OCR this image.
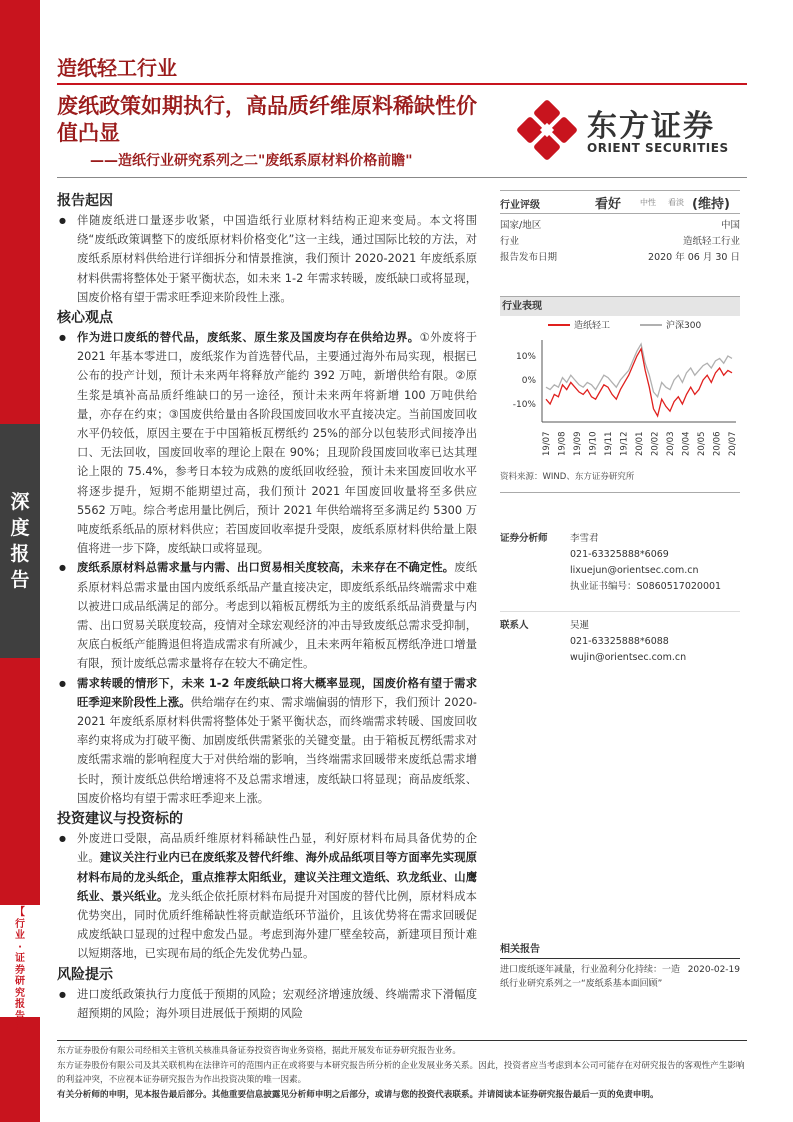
深
度
报
告
【
行
业
·
证
券
研
究
报
告
】
造纸轻工行业
废纸政策如期执行，高品质纤维原料稀缺性价值凸显
——造纸行业研究系列之二"废纸系原材料价格前瞻"
东方证券
ORIENT SECURITIES
报告起因
● 伴随废纸进口量逐步收紧，中国造纸行业原材料结构正迎来变局。本文将围绕“废纸政策调整下的废纸原材料价格变化”这一主线，通过国际比较的方法，对废纸系原材料供给进行详细拆分和情景推演，我们预计 2020-2021 年废纸系原材料供需将整体处于紧平衡状态，如未来 1-2 年需求转暖，废纸缺口或将显现，国废价格有望于需求旺季迎来阶段性上涨。
核心观点
● 作为进口废纸的替代品，废纸浆、原生浆及国废均存在供给边界。①外废将于 2021 年基本零进口，废纸浆作为首选替代品，主要通过海外布局实现，根据已公布的投产计划，预计未来两年将释放产能约 392 万吨，新增供给有限。②原生浆是填补高品质纤维缺口的另一途径，预计未来两年将新增 100 万吨供给量，亦存在约束；③国废供给量由各阶段国废回收水平直接决定。当前国废回收水平仍较低，原因主要在于中国箱板瓦楞纸约 25%的部分以包装形式间接净出口、无法回收，国废回收率的理论上限在 90%；且现阶段国废回收率已达其理论上限的 75.4%，参考日本较为成熟的废纸回收经验，预计未来国废回收水平将逐步提升，短期不能期望过高，我们预计 2021 年国废回收量将至多供应 5562 万吨。综合考虑用量比例后，预计 2021 年供给端将至多满足约 5300 万吨废纸系纸品的原材料供应；若国废回收率提升受限，废纸系原材料供给量上限值将进一步下降，废纸缺口或将显现。
● 废纸系原材料总需求量与内需、出口贸易相关度较高，未来存在不确定性。废纸系原材料总需求量由国内废纸系纸品产量直接决定，即废纸系纸品终端需求中难以被进口成品纸满足的部分。考虑到以箱板瓦楞纸为主的废纸系纸品消费量与内需、出口贸易关联度较高，疫情对全球宏观经济的冲击导致废纸总需求受抑制，灰底白板纸产能腾退但将造成需求有所减少，且未来两年箱板瓦楞纸净进口增量有限，预计废纸总需求量将存在较大不确定性。
● 需求转暖的情形下，未来 1-2 年废纸缺口将大概率显现，国废价格有望于需求旺季迎来阶段性上涨。供给端存在约束、需求端偏弱的情形下，我们预计 2020-2021 年废纸系原材料供需将整体处于紧平衡状态，而终端需求转暖、国废回收率约束将成为打破平衡、加剧废纸供需紧张的关键变量。由于箱板瓦楞纸需求对废纸需求端的影响程度大于对供给端的影响，当终端需求回暖带来废纸总需求增长时，预计废纸总供给增速将不及总需求增速，废纸缺口将显现；商品废纸浆、国废价格均有望于需求旺季迎来上涨。
投资建议与投资标的
● 外废进口受限，高品质纤维原材料稀缺性凸显，利好原材料布局具备优势的企业。建议关注行业内已在废纸浆及替代纤维、海外成品纸项目等方面率先实现原材料布局的龙头纸企，重点推荐太阳纸业，建议关注理文造纸、玖龙纸业、山鹰纸业、景兴纸业。龙头纸企依托原材料布局提升对国废的替代比例，原材料成本优势突出，同时优质纤维稀缺性将贡献造纸环节溢价，且该优势将在需求回暖促成废纸缺口显现的过程中愈发凸显。考虑到海外建厂壁垒较高，新建项目预计难以短期落地，已实现布局的纸企先发优势凸显。
风险提示
● 进口废纸政策执行力度低于预期的风险；宏观经济增速放缓、终端需求下滑幅度超预期的风险；海外项目进展低于预期的风险
行业评级	看好 中性 看淡 (维持)
国家/地区	中国
行业	造纸轻工行业
报告发布日期	2020 年 06 月 30 日
行业表现
造纸轻工	沪深300
10%
0%
-10%
19/07 19/08 19/09 19/10 19/11 19/12 20/01 20/02 20/03 20/04 20/05 20/06 20/07
资料来源：WIND、东方证券研究所
证券分析师 李雪君
021-63325888*6069
lixuejun@orientsec.com.cn
执业证书编号：S0860517020001
联系人	吴暹
021-63325888*6088
wujin@orientsec.com.cn
相关报告
进口废纸逐年减量，行业盈利分化持续：一造纸行业研究系列之一“废纸系基本面回顾”
2020-02-19
东方证券股份有限公司经相关主管机关核准具备证券投资咨询业务资格，据此开展发布证券研究报告业务。
东方证券股份有限公司及其关联机构在法律许可的范围内正在或将要与本研究报告所分析的企业发展业务关系。因此，投资者应当考虑到本公司可能存在对研究报告的客观性产生影响的利益冲突，不应视本证券研究报告为作出投资决策的唯一因素。
有关分析师的申明，见本报告最后部分。其他重要信息披露见分析师申明之后部分，或请与您的投资代表联系。并请阅读本证券研究报告最后一页的免责申明。
